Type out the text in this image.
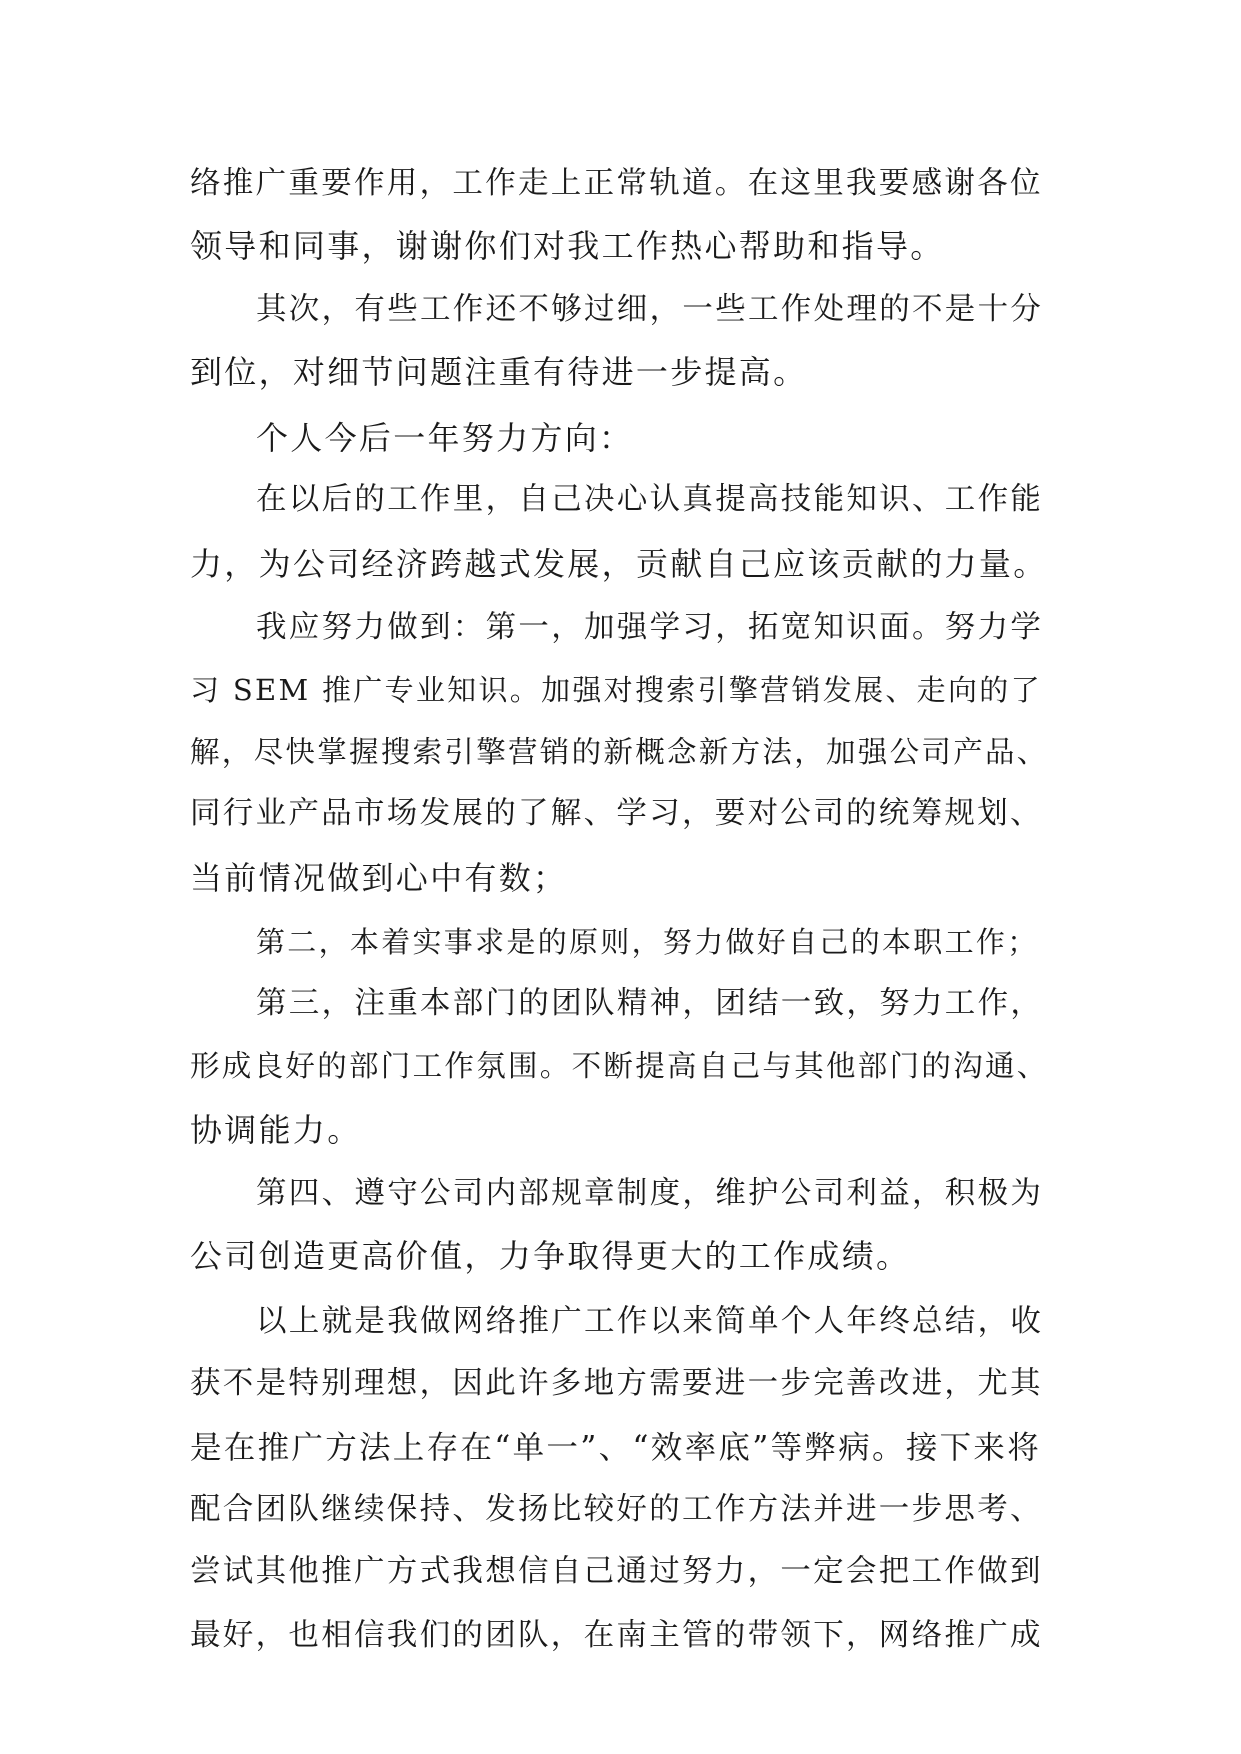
络推广重要作用，工作走上正常轨道。在这里我要感谢各位
领导和同事，谢谢你们对我工作热心帮助和指导。
其次，有些工作还不够过细，一些工作处理的不是十分
到位，对细节问题注重有待进一步提高。
个人今后一年努力方向：
在以后的工作里，自己决心认真提高技能知识、工作能
力，为公司经济跨越式发展，贡献自己应该贡献的力量。
我应努力做到：第一，加强学习，拓宽知识面。努力学
习 SEM 推广专业知识。加强对搜索引擎营销发展、走向的了
解，尽快掌握搜索引擎营销的新概念新方法，加强公司产品、
同行业产品市场发展的了解、学习，要对公司的统筹规划、
当前情况做到心中有数；
第二，本着实事求是的原则，努力做好自己的本职工作；
第三，注重本部门的团队精神，团结一致，努力工作，
形成良好的部门工作氛围。不断提高自己与其他部门的沟通、
协调能力。
第四、遵守公司内部规章制度，维护公司利益，积极为
公司创造更高价值，力争取得更大的工作成绩。
以上就是我做网络推广工作以来简单个人年终总结，收
获不是特别理想，因此许多地方需要进一步完善改进，尤其
是在推广方法上存在“单一”、“效率底”等弊病。接下来将
配合团队继续保持、发扬比较好的工作方法并进一步思考、
尝试其他推广方式我想信自己通过努力，一定会把工作做到
最好，也相信我们的团队，在南主管的带领下，网络推广成
